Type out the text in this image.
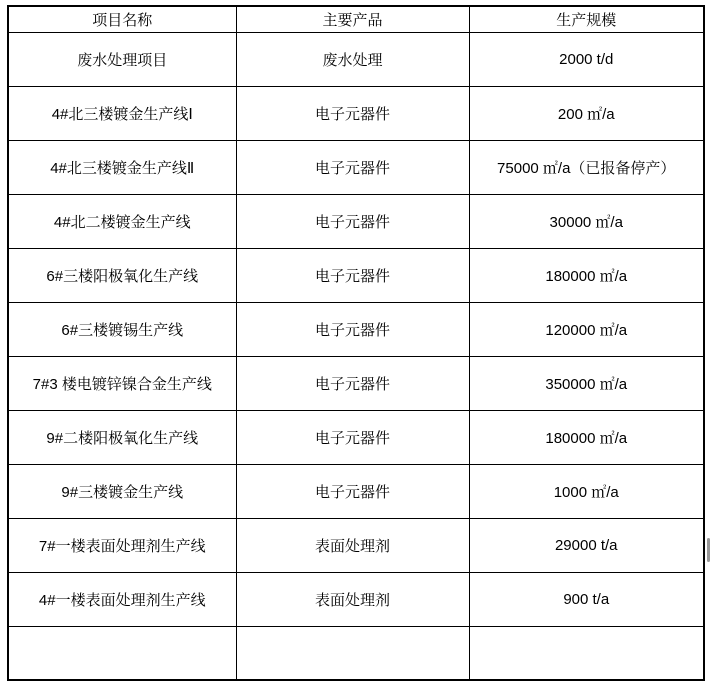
项目名称	主要产品	生产规模
废水处理项目	废水处理	2000 t/d
4#北三楼镀金生产线Ⅰ	电子元器件	200 ㎡/a
4#北三楼镀金生产线Ⅱ	电子元器件	75000 ㎡/a（已报备停产）
4#北二楼镀金生产线	电子元器件	30000 ㎡/a
6#三楼阳极氧化生产线	电子元器件	180000 ㎡/a
6#三楼镀锡生产线	电子元器件	120000 ㎡/a
7#3 楼电镀锌镍合金生产线	电子元器件	350000 ㎡/a
9#二楼阳极氧化生产线	电子元器件	180000 ㎡/a
9#三楼镀金生产线	电子元器件	1000 ㎡/a
7#一楼表面处理剂生产线	表面处理剂	29000 t/a
4#一楼表面处理剂生产线	表面处理剂	900 t/a
